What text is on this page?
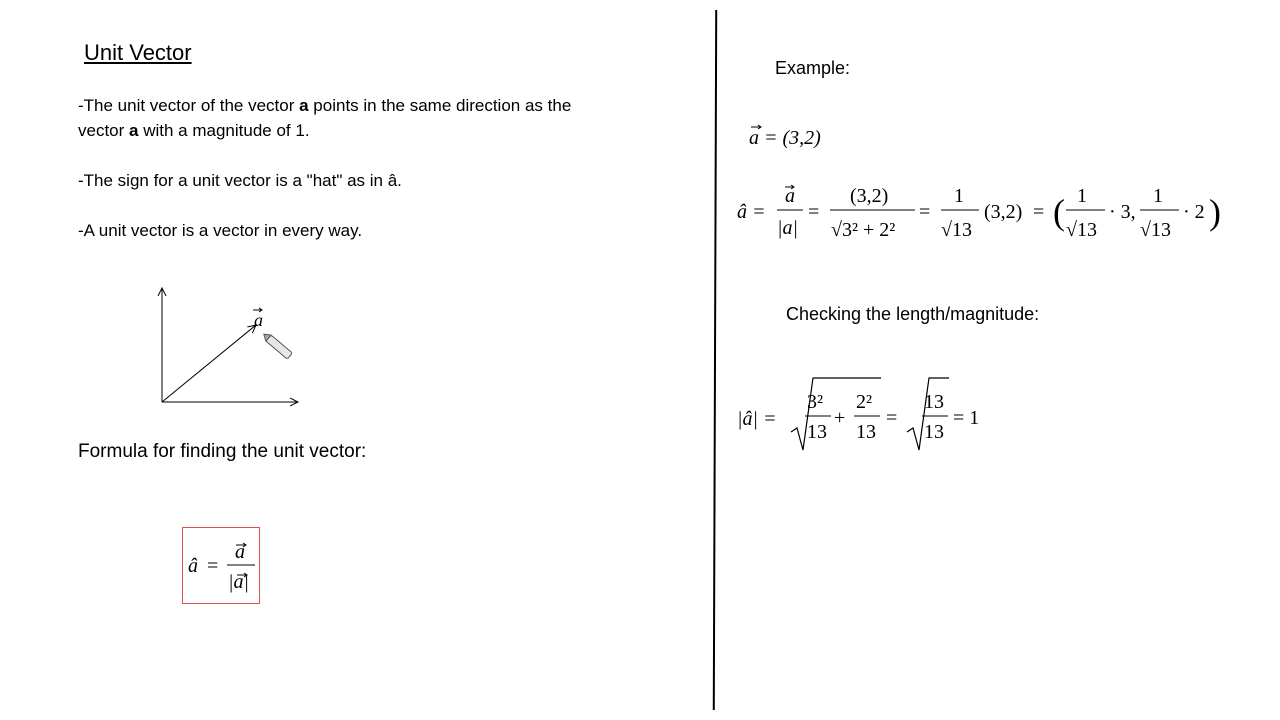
Unit Vector
-The unit vector of the vector a points in the same direction as the
vector a with a magnitude of 1.
-The sign for a unit vector is a "hat" as in â.
-A unit vector is a vector in every way.
a
Formula for finding the unit vector:
â =
a
|a|
Example:
a = (3,2)
â =
a
|a|
=
(3,2)
√3² + 2²
=
1
√13
(3,2) = ( 1
√13
· 3,
1
√13
· 2 )
Checking the length/magnitude:
|â| =
3²
13
+
2²
13
=
13
13
= 1
